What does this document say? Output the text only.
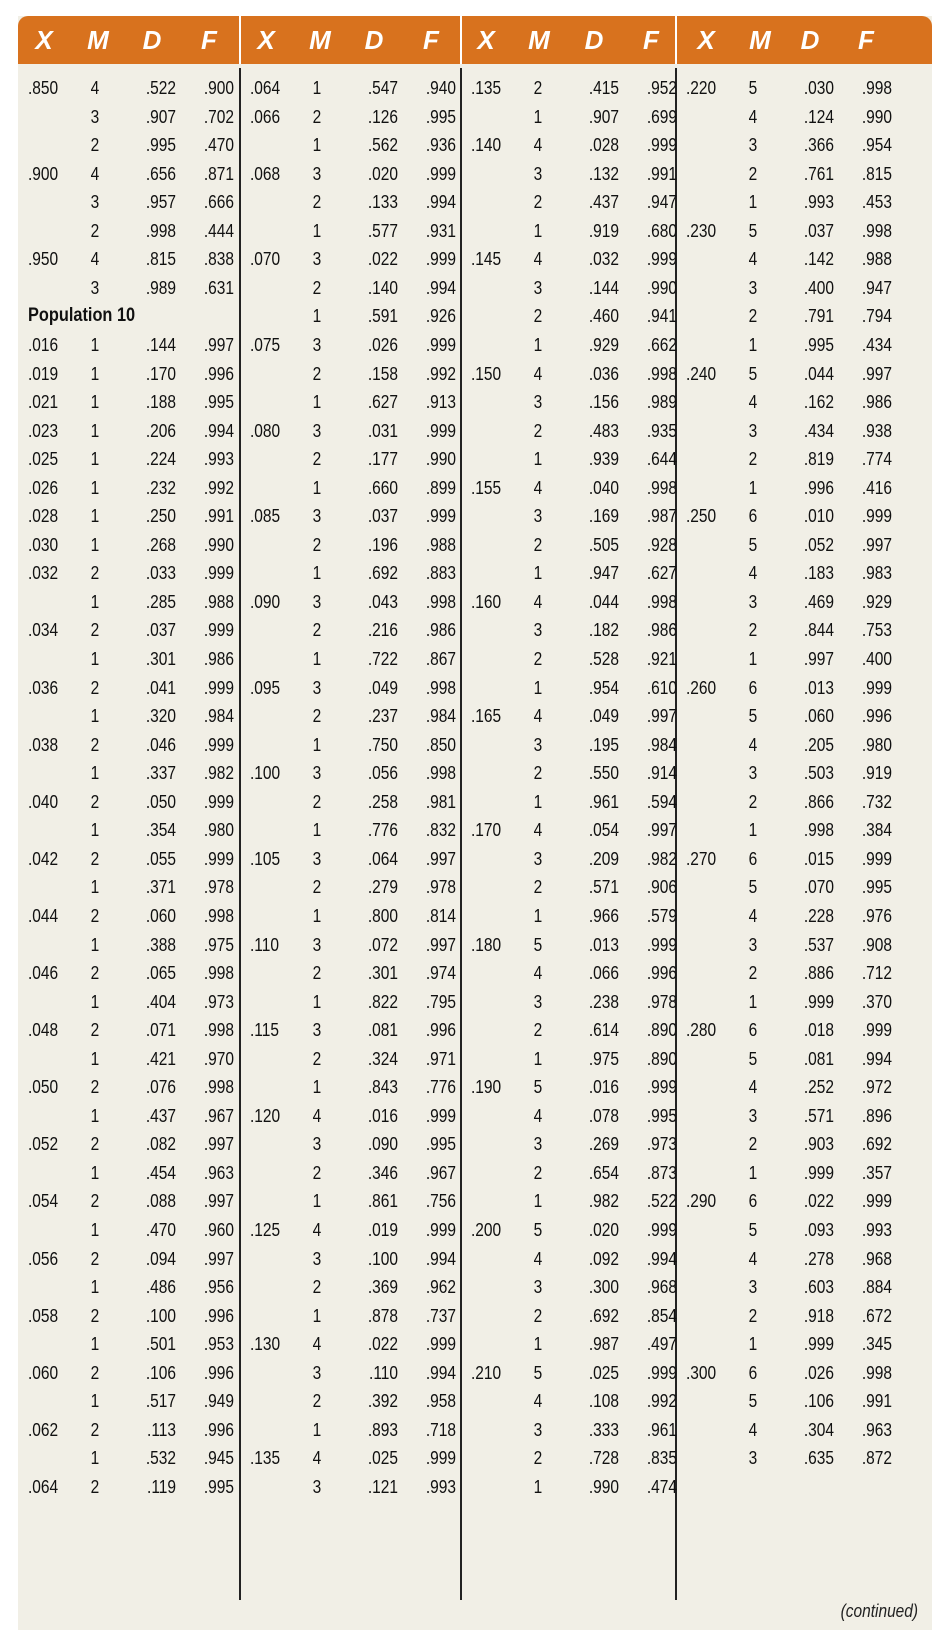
X	M	D	F	X	M	D	F	X	M	D	F	X	M	D	F
(continued)
.850	4	.522	.900
3	.907	.702
2	.995	.470
.900	4	.656	.871
3	.957	.666
2	.998	.444
.950	4	.815	.838
3	.989	.631
Population 10
.016	1	.144	.997
.019	1	.170	.996
.021	1	.188	.995
.023	1	.206	.994
.025	1	.224	.993
.026	1	.232	.992
.028	1	.250	.991
.030	1	.268	.990
.032	2	.033	.999
1	.285	.988
.034	2	.037	.999
1	.301	.986
.036	2	.041	.999
1	.320	.984
.038	2	.046	.999
1	.337	.982
.040	2	.050	.999
1	.354	.980
.042	2	.055	.999
1	.371	.978
.044	2	.060	.998
1	.388	.975
.046	2	.065	.998
1	.404	.973
.048	2	.071	.998
1	.421	.970
.050	2	.076	.998
1	.437	.967
.052	2	.082	.997
1	.454	.963
.054	2	.088	.997
1	.470	.960
.056	2	.094	.997
1	.486	.956
.058	2	.100	.996
1	.501	.953
.060	2	.106	.996
1	.517	.949
.062	2	.113	.996
1	.532	.945
.064	2	.119	.995
.064	1	.547	.940
.066	2	.126	.995
1	.562	.936
.068	3	.020	.999
2	.133	.994
1	.577	.931
.070	3	.022	.999
2	.140	.994
1	.591	.926
.075	3	.026	.999
2	.158	.992
1	.627	.913
.080	3	.031	.999
2	.177	.990
1	.660	.899
.085	3	.037	.999
2	.196	.988
1	.692	.883
.090	3	.043	.998
2	.216	.986
1	.722	.867
.095	3	.049	.998
2	.237	.984
1	.750	.850
.100	3	.056	.998
2	.258	.981
1	.776	.832
.105	3	.064	.997
2	.279	.978
1	.800	.814
.110	3	.072	.997
2	.301	.974
1	.822	.795
.115	3	.081	.996
2	.324	.971
1	.843	.776
.120	4	.016	.999
3	.090	.995
2	.346	.967
1	.861	.756
.125	4	.019	.999
3	.100	.994
2	.369	.962
1	.878	.737
.130	4	.022	.999
3	.110	.994
2	.392	.958
1	.893	.718
.135	4	.025	.999
3	.121	.993
.135	2	.415	.952
1	.907	.699
.140	4	.028	.999
3	.132	.991
2	.437	.947
1	.919	.680
.145	4	.032	.999
3	.144	.990
2	.460	.941
1	.929	.662
.150	4	.036	.998
3	.156	.989
2	.483	.935
1	.939	.644
.155	4	.040	.998
3	.169	.987
2	.505	.928
1	.947	.627
.160	4	.044	.998
3	.182	.986
2	.528	.921
1	.954	.610
.165	4	.049	.997
3	.195	.984
2	.550	.914
1	.961	.594
.170	4	.054	.997
3	.209	.982
2	.571	.906
1	.966	.579
.180	5	.013	.999
4	.066	.996
3	.238	.978
2	.614	.890
1	.975	.890
.190	5	.016	.999
4	.078	.995
3	.269	.973
2	.654	.873
1	.982	.522
.200	5	.020	.999
4	.092	.994
3	.300	.968
2	.692	.854
1	.987	.497
.210	5	.025	.999
4	.108	.992
3	.333	.961
2	.728	.835
1	.990	.474
.220	5	.030	.998
4	.124	.990
3	.366	.954
2	.761	.815
1	.993	.453
.230	5	.037	.998
4	.142	.988
3	.400	.947
2	.791	.794
1	.995	.434
.240	5	.044	.997
4	.162	.986
3	.434	.938
2	.819	.774
1	.996	.416
.250	6	.010	.999
5	.052	.997
4	.183	.983
3	.469	.929
2	.844	.753
1	.997	.400
.260	6	.013	.999
5	.060	.996
4	.205	.980
3	.503	.919
2	.866	.732
1	.998	.384
.270	6	.015	.999
5	.070	.995
4	.228	.976
3	.537	.908
2	.886	.712
1	.999	.370
.280	6	.018	.999
5	.081	.994
4	.252	.972
3	.571	.896
2	.903	.692
1	.999	.357
.290	6	.022	.999
5	.093	.993
4	.278	.968
3	.603	.884
2	.918	.672
1	.999	.345
.300	6	.026	.998
5	.106	.991
4	.304	.963
3	.635	.872
